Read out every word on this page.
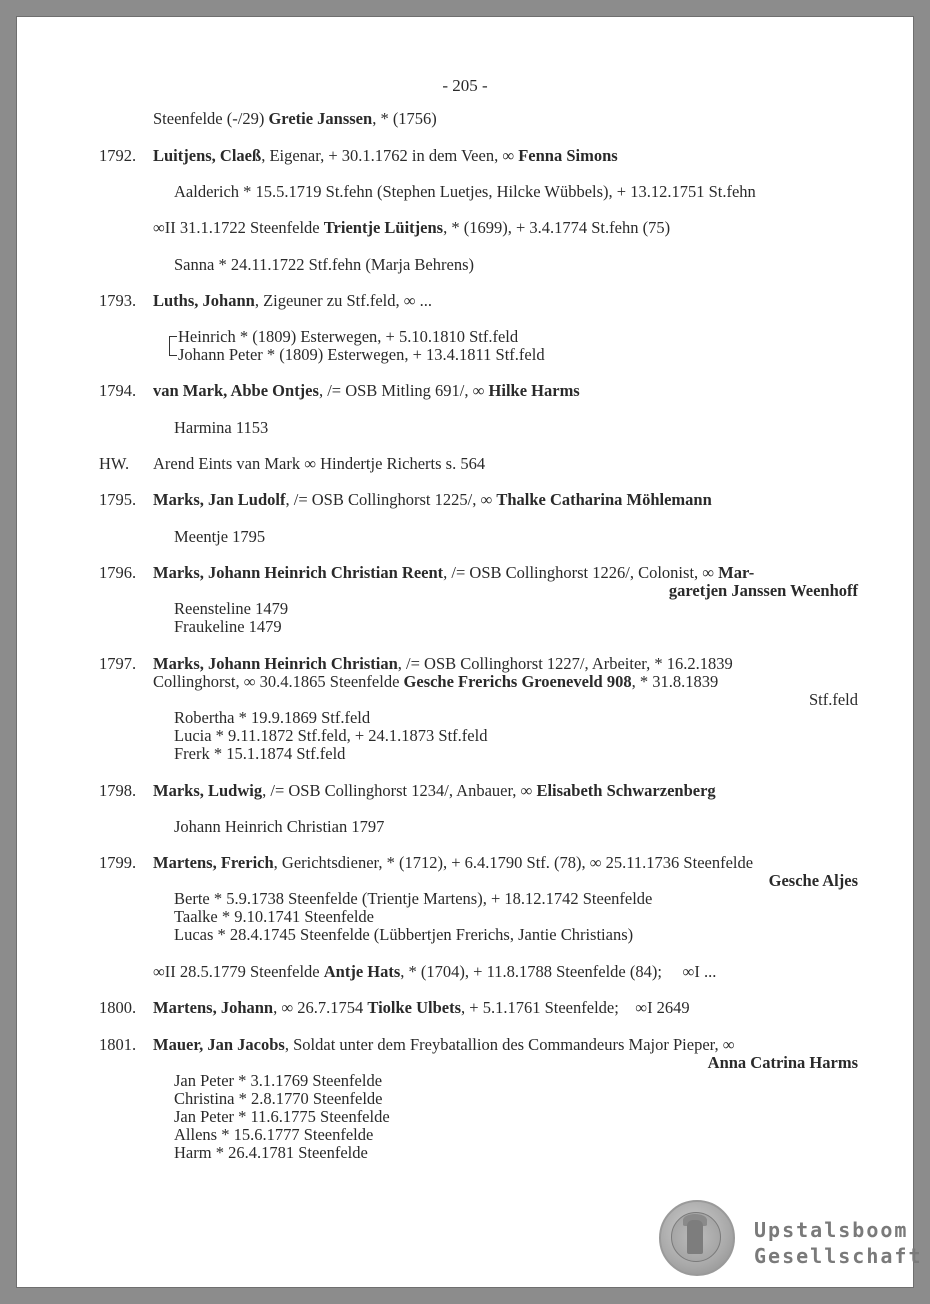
- 205 -
Steenfelde (-/29) Gretie Janssen, * (1756)
1792. Luitjens, Claeß, Eigenar, + 30.1.1762 in dem Veen, ∞ Fenna Simons
Aalderich * 15.5.1719 St.fehn (Stephen Luetjes, Hilcke Wübbels), + 13.12.1751 St.fehn
∞II 31.1.1722 Steenfelde Trientje Lüitjens, * (1699), + 3.4.1774 St.fehn (75)
Sanna * 24.11.1722 Stf.fehn (Marja Behrens)
1793. Luths, Johann, Zigeuner zu Stf.feld, ∞ ...
Heinrich * (1809) Esterwegen, + 5.10.1810 Stf.feld
Johann Peter * (1809) Esterwegen, + 13.4.1811 Stf.feld
1794. van Mark, Abbe Ontjes, /= OSB Mitling 691/, ∞ Hilke Harms
Harmina 1153
HW. Arend Eints van Mark ∞ Hindertje Richerts s. 564
1795. Marks, Jan Ludolf, /= OSB Collinghorst 1225/, ∞ Thalke Catharina Möhlemann
Meentje 1795
1796. Marks, Johann Heinrich Christian Reent, /= OSB Collinghorst 1226/, Colonist, ∞ Mar-
garetjen Janssen Weenhoff
Reensteline 1479
Fraukeline 1479
1797. Marks, Johann Heinrich Christian, /= OSB Collinghorst 1227/, Arbeiter, * 16.2.1839
Collinghorst, ∞ 30.4.1865 Steenfelde Gesche Frerichs Groeneveld 908, * 31.8.1839
Stf.feld
Robertha * 19.9.1869 Stf.feld
Lucia * 9.11.1872 Stf.feld, + 24.1.1873 Stf.feld
Frerk * 15.1.1874 Stf.feld
1798. Marks, Ludwig, /= OSB Collinghorst 1234/, Anbauer, ∞ Elisabeth Schwarzenberg
Johann Heinrich Christian 1797
1799. Martens, Frerich, Gerichtsdiener, * (1712), + 6.4.1790 Stf. (78), ∞ 25.11.1736 Steenfelde
Gesche Aljes
Berte * 5.9.1738 Steenfelde (Trientje Martens), + 18.12.1742 Steenfelde
Taalke * 9.10.1741 Steenfelde
Lucas * 28.4.1745 Steenfelde (Lübbertjen Frerichs, Jantie Christians)
∞II 28.5.1779 Steenfelde Antje Hats, * (1704), + 11.8.1788 Steenfelde (84);     ∞I ...
1800. Martens, Johann, ∞ 26.7.1754 Tiolke Ulbets, + 5.1.1761 Steenfelde;    ∞I 2649
1801. Mauer, Jan Jacobs, Soldat unter dem Freybatallion des Commandeurs Major Pieper, ∞
Anna Catrina Harms
Jan Peter * 3.1.1769 Steenfelde
Christina * 2.8.1770 Steenfelde
Jan Peter * 11.6.1775 Steenfelde
Allens * 15.6.1777 Steenfelde
Harm * 26.4.1781 Steenfelde
Upstalsboom
Gesellschaft
